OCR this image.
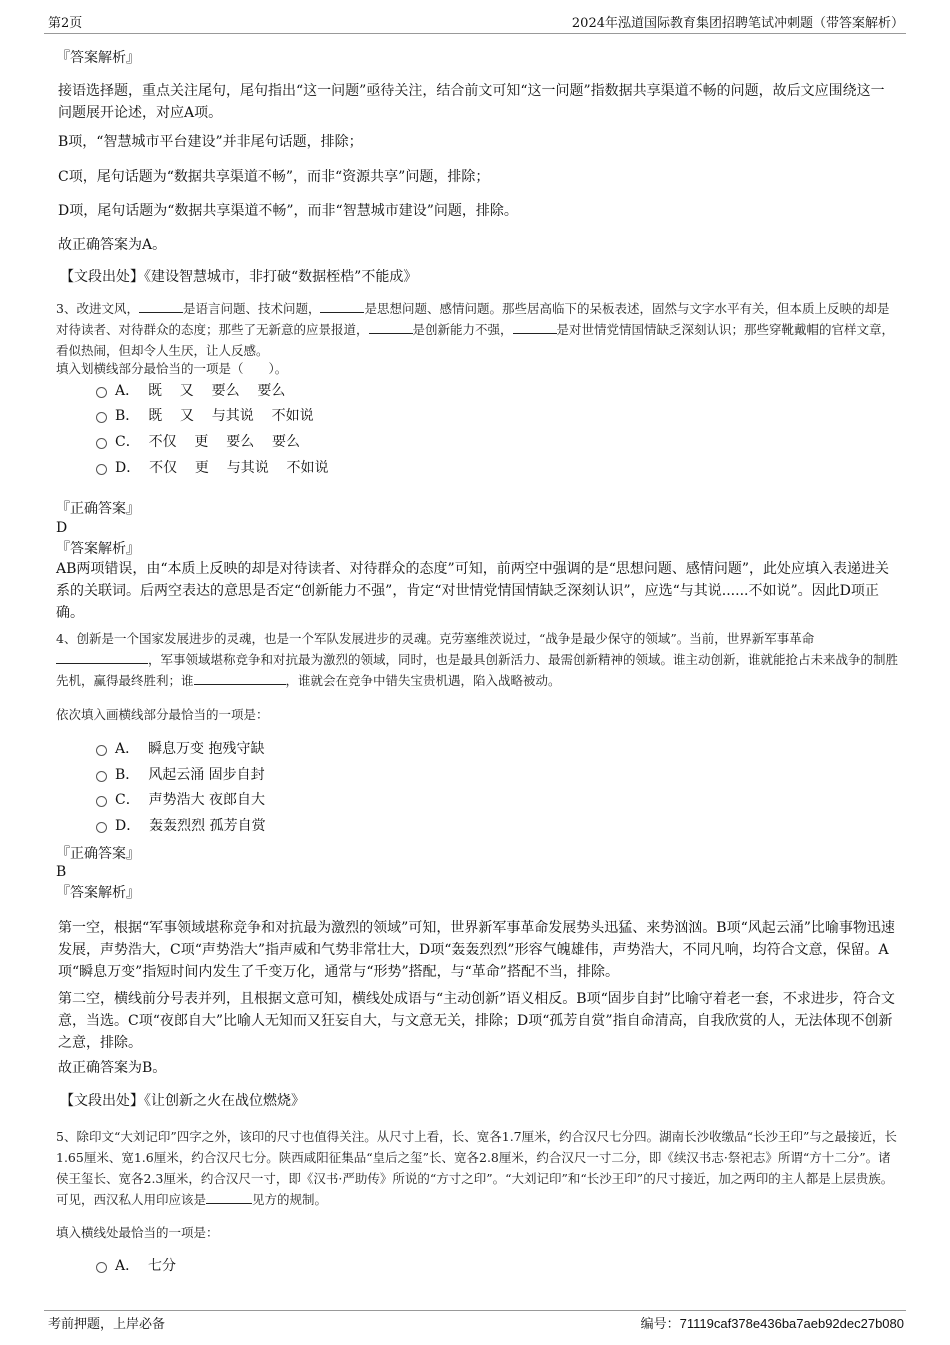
第2页	2024年泓道国际教育集团招聘笔试冲刺题（带答案解析）
『答案解析』
接语选择题，重点关注尾句，尾句指出“这一问题”亟待关注，结合前文可知“这一问题”指数据共享渠道不畅的问题，故后文应围绕这一问题展开论述，对应A项。
B项，“智慧城市平台建设”并非尾句话题，排除；
C项，尾句话题为“数据共享渠道不畅”，而非“资源共享”问题，排除；
D项，尾句话题为“数据共享渠道不畅”，而非“智慧城市建设”问题，排除。
故正确答案为A。
【文段出处】《建设智慧城市，非打破“数据桎梏”不能成》
3、改进文风，	是语言问题、技术问题，	是思想问题、感情问题。那些居高临下的呆板表述，固然与文字水平有关，但本质上反映的却是对待读者、对待群众的态度；那些了无新意的应景报道，	是创新能力不强，	是对世情党情国情缺乏深刻认识；那些穿靴戴帽的官样文章，看似热闹，但却令人生厌，让人反感。
填入划横线部分最恰当的一项是（　　）。
A．  既    又    要么    要么
B．  既    又    与其说    不如说
C．  不仅    更    要么    要么
D．  不仅    更    与其说    不如说
『正确答案』
D
『答案解析』
AB两项错误，由“本质上反映的却是对待读者、对待群众的态度”可知，前两空中强调的是“思想问题、感情问题”，此处应填入表递进关系的关联词。后两空表达的意思是否定“创新能力不强”，肯定“对世情党情国情缺乏深刻认识”，应选“与其说......不如说”。因此D项正确。
4、创新是一个国家发展进步的灵魂，也是一个军队发展进步的灵魂。克劳塞维茨说过，“战争是最少保守的领域”。当前，世界新军事革命，军事领域堪称竞争和对抗最为激烈的领域，同时，也是最具创新活力、最需创新精神的领域。谁主动创新，谁就能抢占未来战争的制胜先机，赢得最终胜利；谁	，谁就会在竞争中错失宝贵机遇，陷入战略被动。
依次填入画横线部分最恰当的一项是：
A．  瞬息万变 抱残守缺
B．  风起云涌 固步自封
C．  声势浩大 夜郎自大
D．  轰轰烈烈 孤芳自赏
『正确答案』
B
『答案解析』
第一空，根据“军事领域堪称竞争和对抗最为激烈的领域”可知，世界新军事革命发展势头迅猛、来势汹汹。B项“风起云涌”比喻事物迅速发展，声势浩大，C项“声势浩大”指声威和气势非常壮大，D项“轰轰烈烈”形容气魄雄伟，声势浩大，不同凡响，均符合文意，保留。A项“瞬息万变”指短时间内发生了千变万化，通常与“形势”搭配，与“革命”搭配不当，排除。
第二空，横线前分号表并列，且根据文意可知，横线处成语与“主动创新”语义相反。B项“固步自封”比喻守着老一套，不求进步，符合文意，当选。C项“夜郎自大”比喻人无知而又狂妄自大，与文意无关，排除；D项“孤芳自赏”指自命清高，自我欣赏的人，无法体现不创新之意，排除。
故正确答案为B。
【文段出处】《让创新之火在战位燃烧》
5、除印文“大刘记印”四字之外，该印的尺寸也值得关注。从尺寸上看，长、宽各1.7厘米，约合汉尺七分四。湖南长沙收缴品“长沙王印”与之最接近，长1.65厘米、宽1.6厘米，约合汉尺七分。陕西咸阳征集品“皇后之玺”长、宽各2.8厘米，约合汉尺一寸二分，即《续汉书志·祭祀志》所谓“方十二分”。诸侯王玺长、宽各2.3厘米，约合汉尺一寸，即《汉书·严助传》所说的“方寸之印”。“大刘记印”和“长沙王印”的尺寸接近，加之两印的主人都是上层贵族。可见，西汉私人用印应该是	见方的规制。
填入横线处最恰当的一项是：
A．  七分
考前押题，上岸必备	编号：71119caf378e436ba7aeb92dec27b080
